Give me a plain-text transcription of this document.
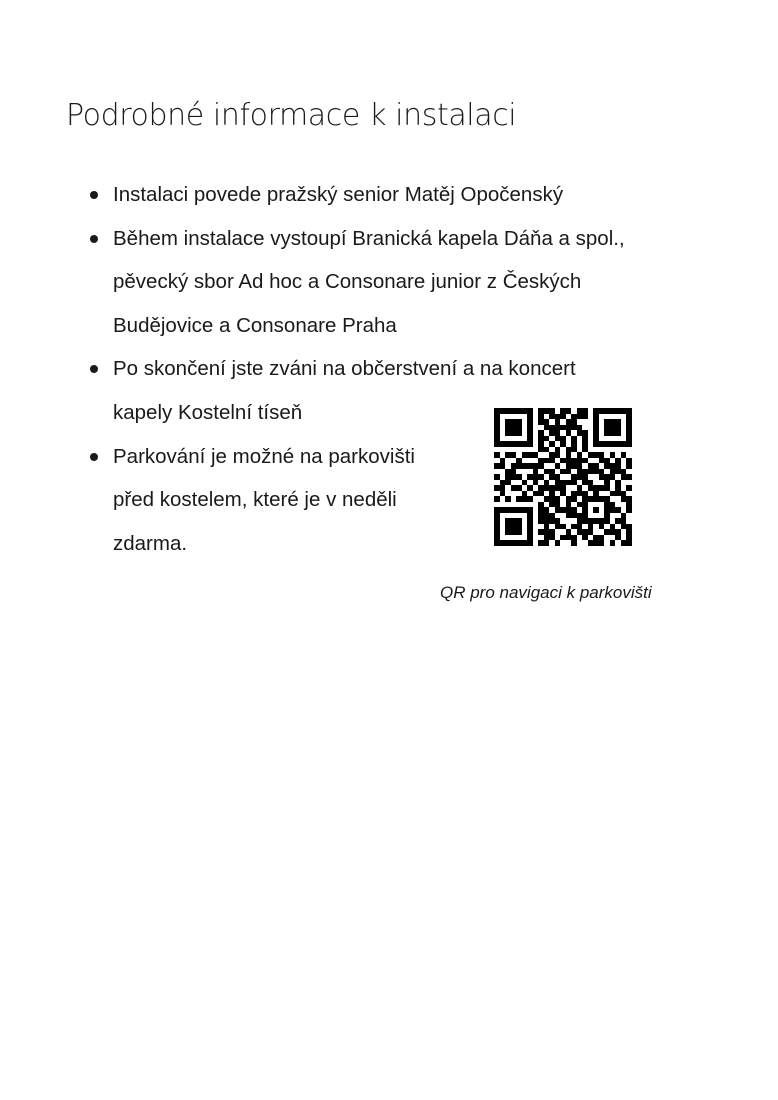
Podrobné informace k instalaci
Instalaci povede pražský senior Matěj Opočenský
Během instalace vystoupí Branická kapela Dáňa a spol.,
pěvecký sbor Ad hoc a Consonare junior z Českých
Budějovice a Consonare Praha
Po skončení jste zváni na občerstvení a na koncert
kapely Kostelní tíseň
Parkování je možné na parkovišti
před kostelem, které je v neděli
zdarma.
QR pro navigaci k parkovišti
